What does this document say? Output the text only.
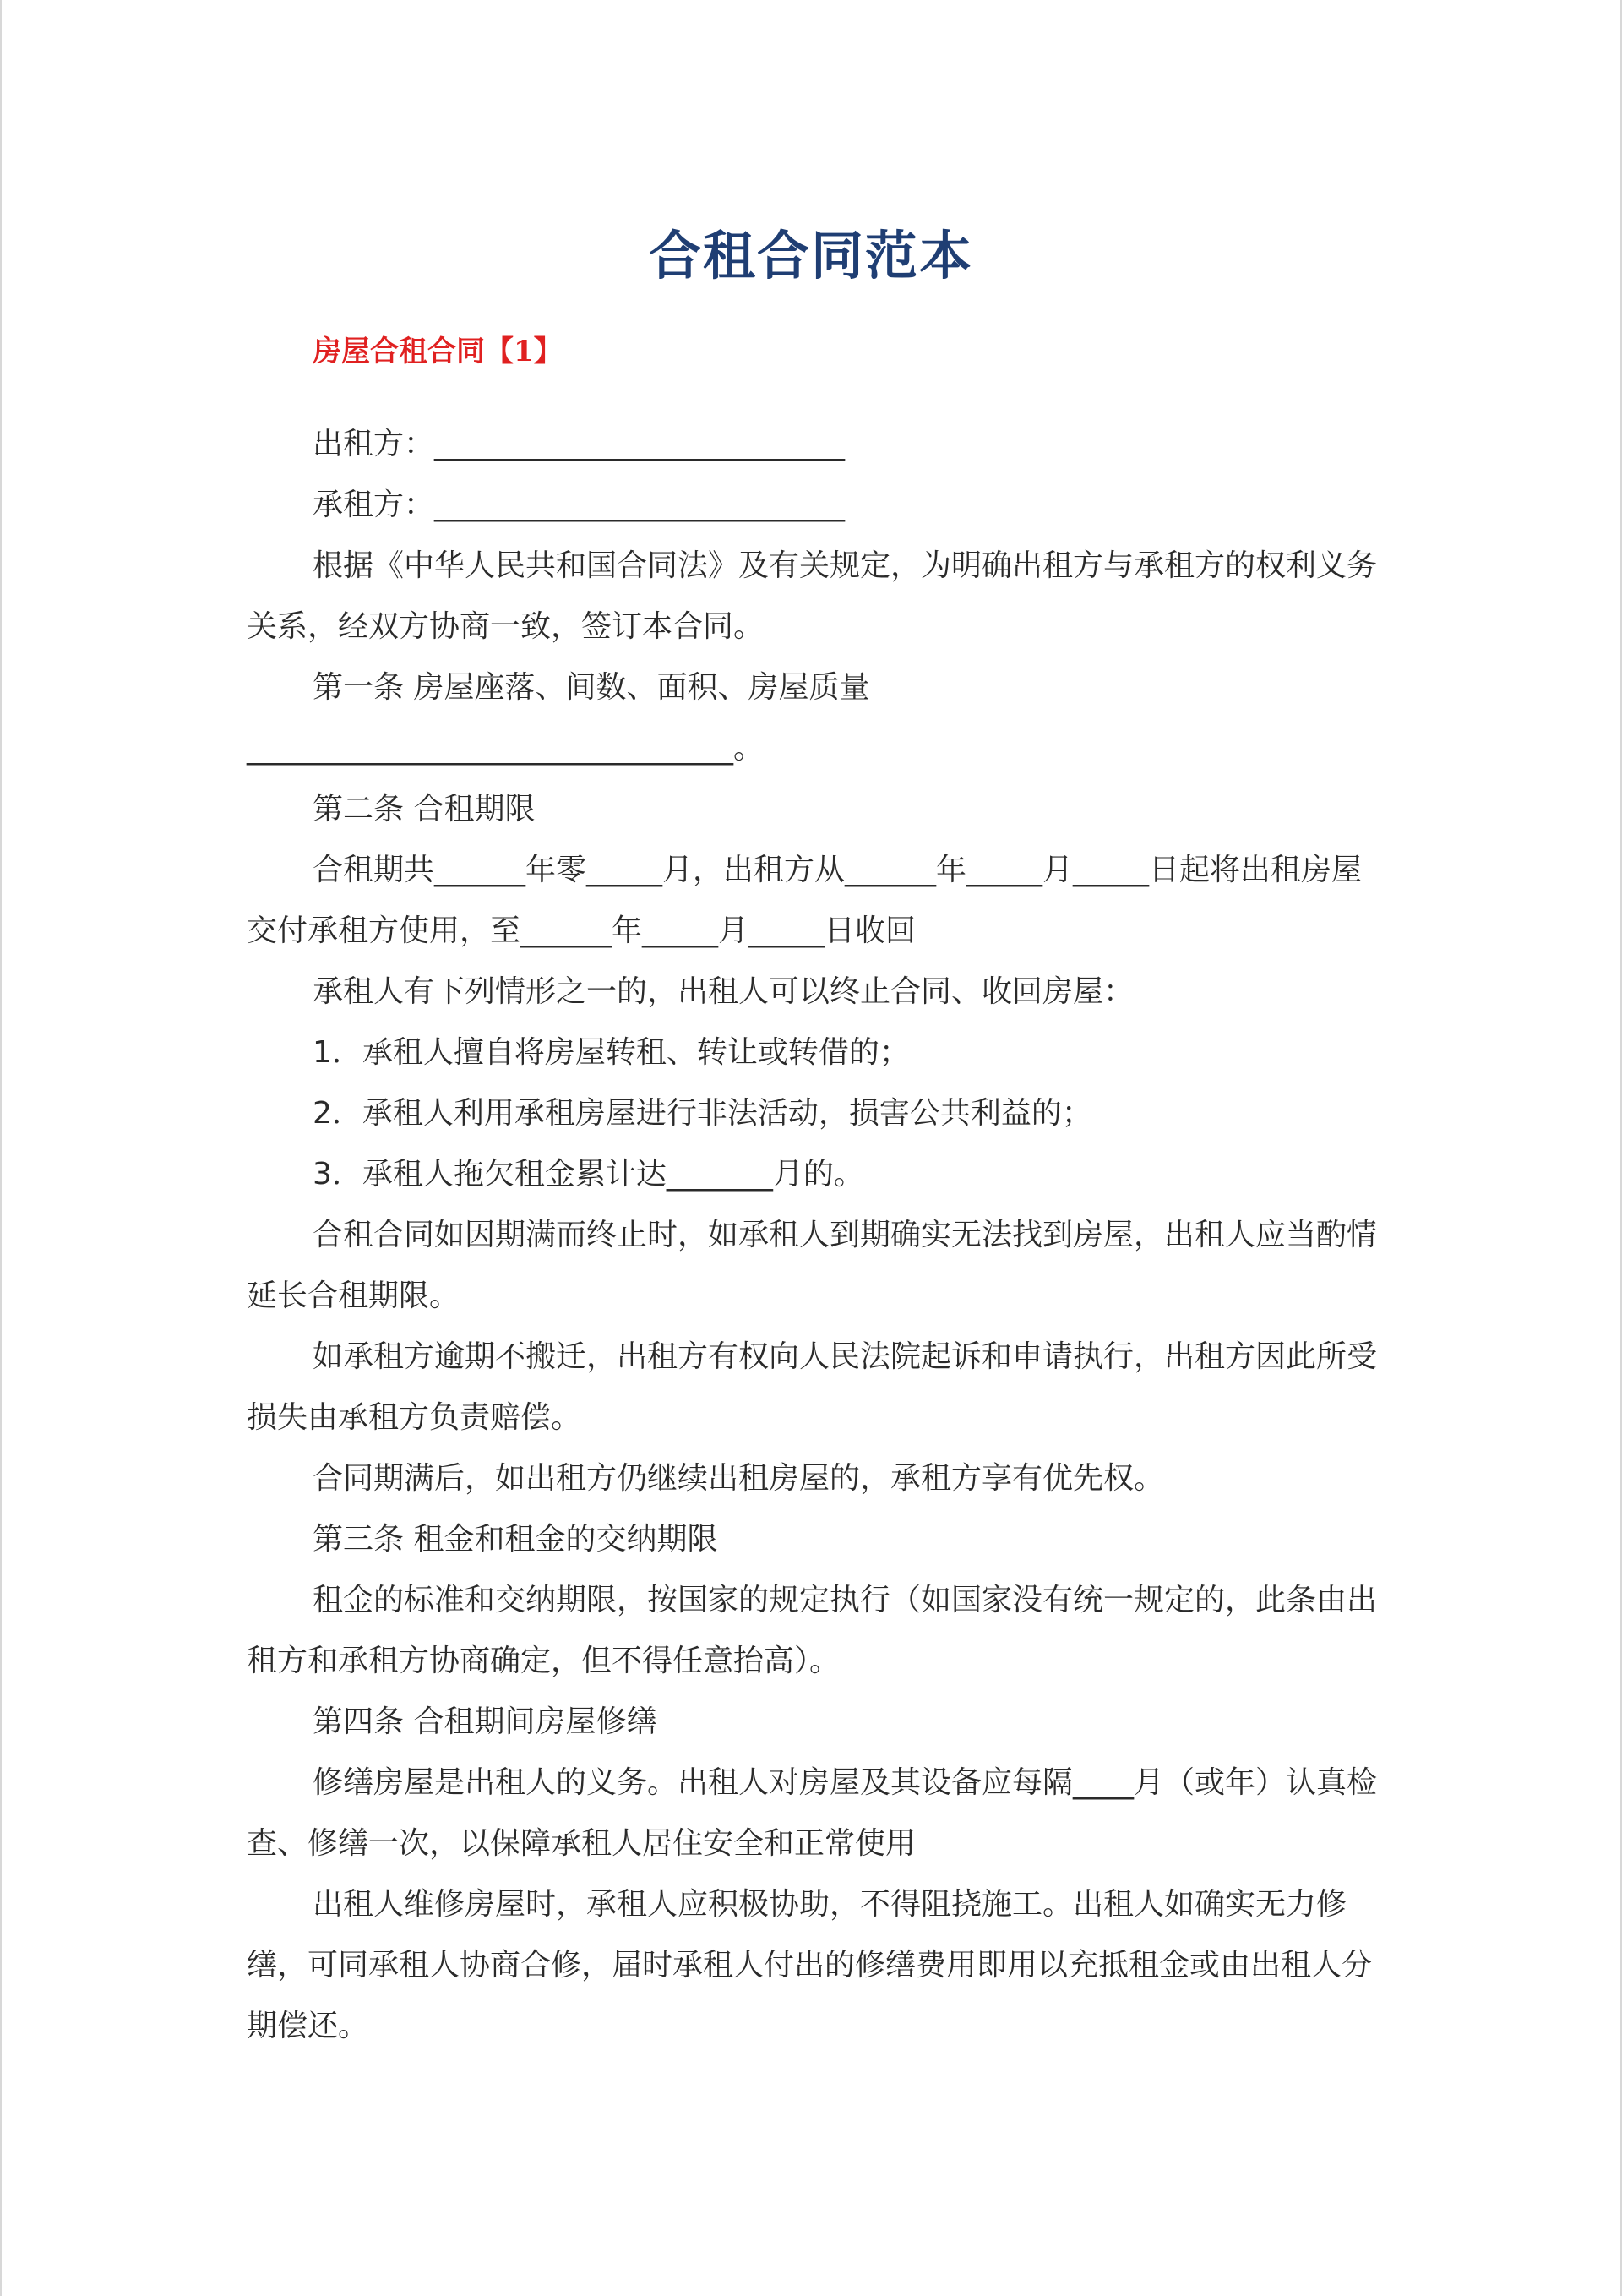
合租合同范本
房屋合租合同【1】

出租方：___________________________

承租方：___________________________

根据《中华人民共和国合同法》及有关规定，为明确出租方与承租方的权利义务关系，经双方协商一致，签订本合同。

第一条 房屋座落、间数、面积、房屋质量

________________________________。

第二条 合租期限

合租期共______年零_____月，出租方从______年_____月_____日起将出租房屋交付承租方使用，至______年_____月_____日收回

承租人有下列情形之一的，出租人可以终止合同、收回房屋：

1．承租人擅自将房屋转租、转让或转借的；

2．承租人利用承租房屋进行非法活动，损害公共利益的；

3．承租人拖欠租金累计达_______月的。

合租合同如因期满而终止时，如承租人到期确实无法找到房屋，出租人应当酌情延长合租期限。

如承租方逾期不搬迁，出租方有权向人民法院起诉和申请执行，出租方因此所受损失由承租方负责赔偿。

合同期满后，如出租方仍继续出租房屋的，承租方享有优先权。

第三条 租金和租金的交纳期限

租金的标准和交纳期限，按国家的规定执行（如国家没有统一规定的，此条由出租方和承租方协商确定，但不得任意抬高）。

第四条 合租期间房屋修缮

修缮房屋是出租人的义务。出租人对房屋及其设备应每隔____月（或年）认真检查、修缮一次，以保障承租人居住安全和正常使用

出租人维修房屋时，承租人应积极协助，不得阻挠施工。出租人如确实无力修缮，可同承租人协商合修，届时承租人付出的修缮费用即用以充抵租金或由出租人分期偿还。
